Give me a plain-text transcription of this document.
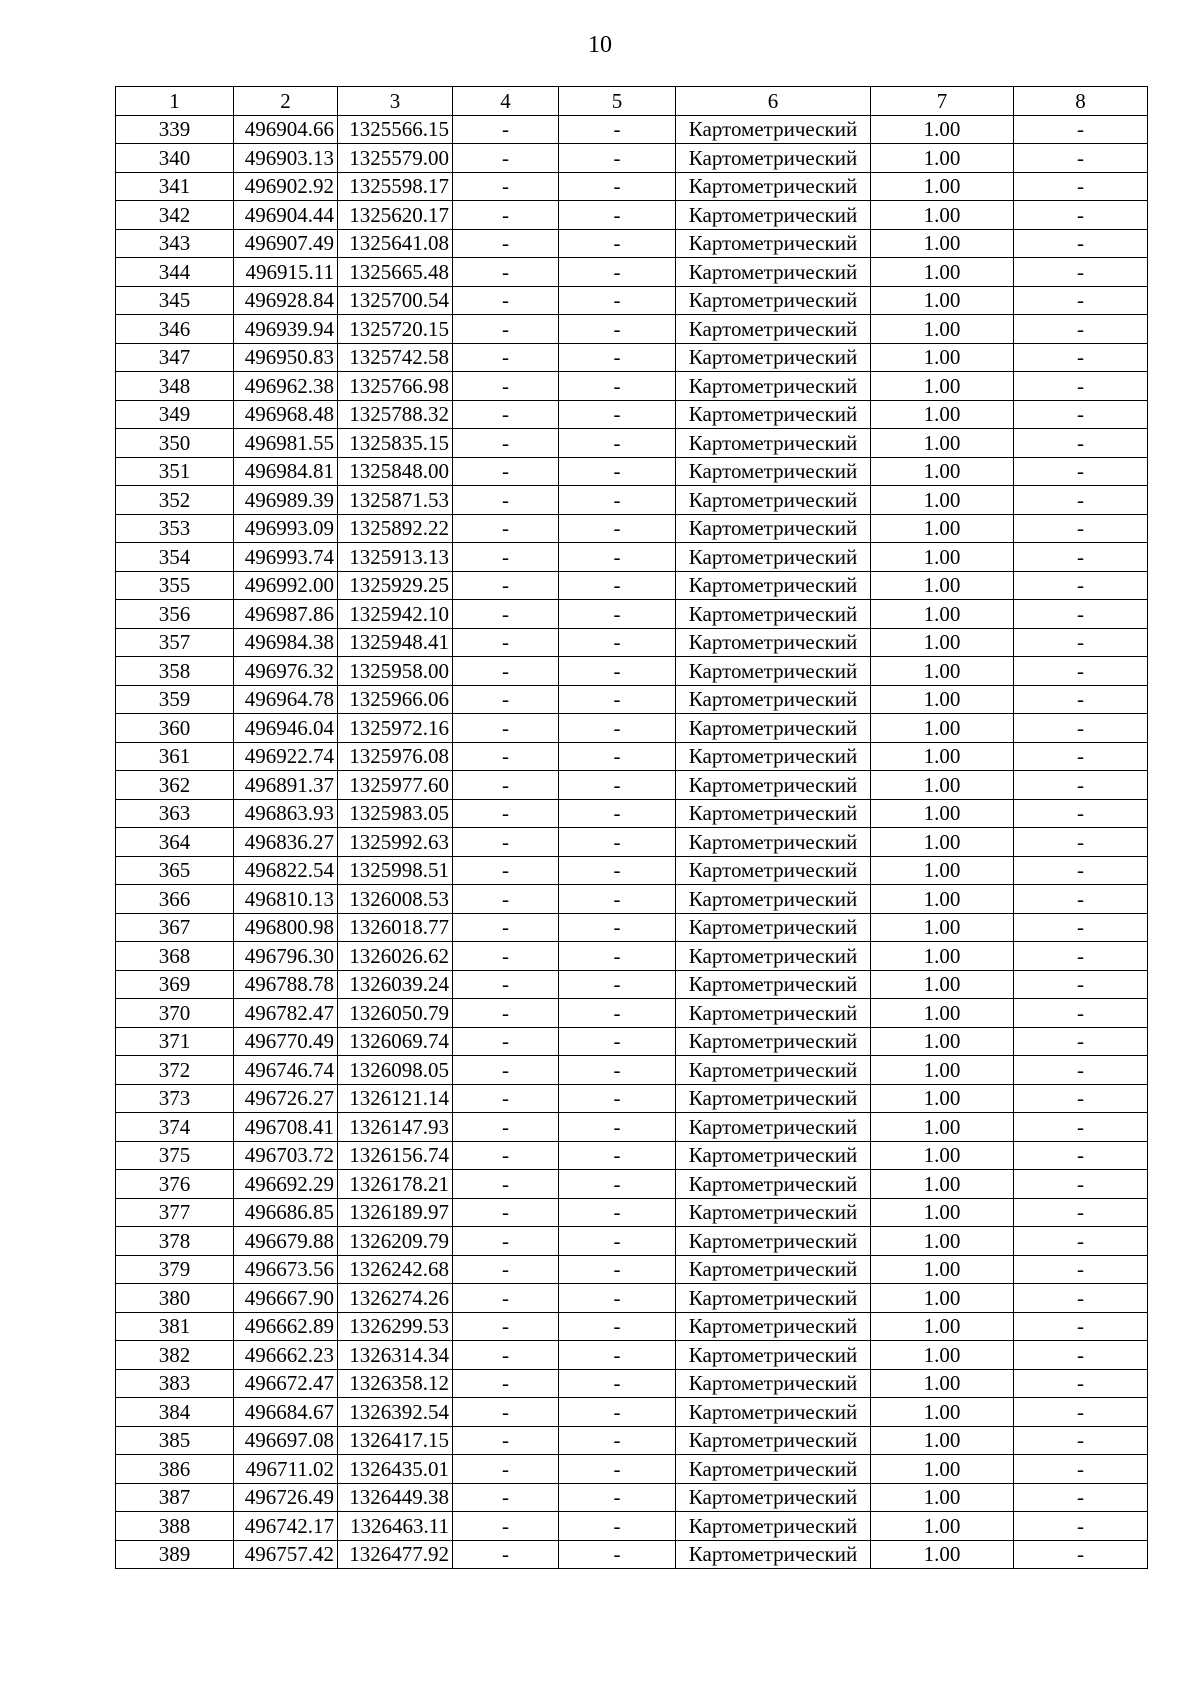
10
1	2	3	4	5	6	7	8
339	496904.66	1325566.15	-	-	Картометрический	1.00	-
340	496903.13	1325579.00	-	-	Картометрический	1.00	-
341	496902.92	1325598.17	-	-	Картометрический	1.00	-
342	496904.44	1325620.17	-	-	Картометрический	1.00	-
343	496907.49	1325641.08	-	-	Картометрический	1.00	-
344	496915.11	1325665.48	-	-	Картометрический	1.00	-
345	496928.84	1325700.54	-	-	Картометрический	1.00	-
346	496939.94	1325720.15	-	-	Картометрический	1.00	-
347	496950.83	1325742.58	-	-	Картометрический	1.00	-
348	496962.38	1325766.98	-	-	Картометрический	1.00	-
349	496968.48	1325788.32	-	-	Картометрический	1.00	-
350	496981.55	1325835.15	-	-	Картометрический	1.00	-
351	496984.81	1325848.00	-	-	Картометрический	1.00	-
352	496989.39	1325871.53	-	-	Картометрический	1.00	-
353	496993.09	1325892.22	-	-	Картометрический	1.00	-
354	496993.74	1325913.13	-	-	Картометрический	1.00	-
355	496992.00	1325929.25	-	-	Картометрический	1.00	-
356	496987.86	1325942.10	-	-	Картометрический	1.00	-
357	496984.38	1325948.41	-	-	Картометрический	1.00	-
358	496976.32	1325958.00	-	-	Картометрический	1.00	-
359	496964.78	1325966.06	-	-	Картометрический	1.00	-
360	496946.04	1325972.16	-	-	Картометрический	1.00	-
361	496922.74	1325976.08	-	-	Картометрический	1.00	-
362	496891.37	1325977.60	-	-	Картометрический	1.00	-
363	496863.93	1325983.05	-	-	Картометрический	1.00	-
364	496836.27	1325992.63	-	-	Картометрический	1.00	-
365	496822.54	1325998.51	-	-	Картометрический	1.00	-
366	496810.13	1326008.53	-	-	Картометрический	1.00	-
367	496800.98	1326018.77	-	-	Картометрический	1.00	-
368	496796.30	1326026.62	-	-	Картометрический	1.00	-
369	496788.78	1326039.24	-	-	Картометрический	1.00	-
370	496782.47	1326050.79	-	-	Картометрический	1.00	-
371	496770.49	1326069.74	-	-	Картометрический	1.00	-
372	496746.74	1326098.05	-	-	Картометрический	1.00	-
373	496726.27	1326121.14	-	-	Картометрический	1.00	-
374	496708.41	1326147.93	-	-	Картометрический	1.00	-
375	496703.72	1326156.74	-	-	Картометрический	1.00	-
376	496692.29	1326178.21	-	-	Картометрический	1.00	-
377	496686.85	1326189.97	-	-	Картометрический	1.00	-
378	496679.88	1326209.79	-	-	Картометрический	1.00	-
379	496673.56	1326242.68	-	-	Картометрический	1.00	-
380	496667.90	1326274.26	-	-	Картометрический	1.00	-
381	496662.89	1326299.53	-	-	Картометрический	1.00	-
382	496662.23	1326314.34	-	-	Картометрический	1.00	-
383	496672.47	1326358.12	-	-	Картометрический	1.00	-
384	496684.67	1326392.54	-	-	Картометрический	1.00	-
385	496697.08	1326417.15	-	-	Картометрический	1.00	-
386	496711.02	1326435.01	-	-	Картометрический	1.00	-
387	496726.49	1326449.38	-	-	Картометрический	1.00	-
388	496742.17	1326463.11	-	-	Картометрический	1.00	-
389	496757.42	1326477.92	-	-	Картометрический	1.00	-
